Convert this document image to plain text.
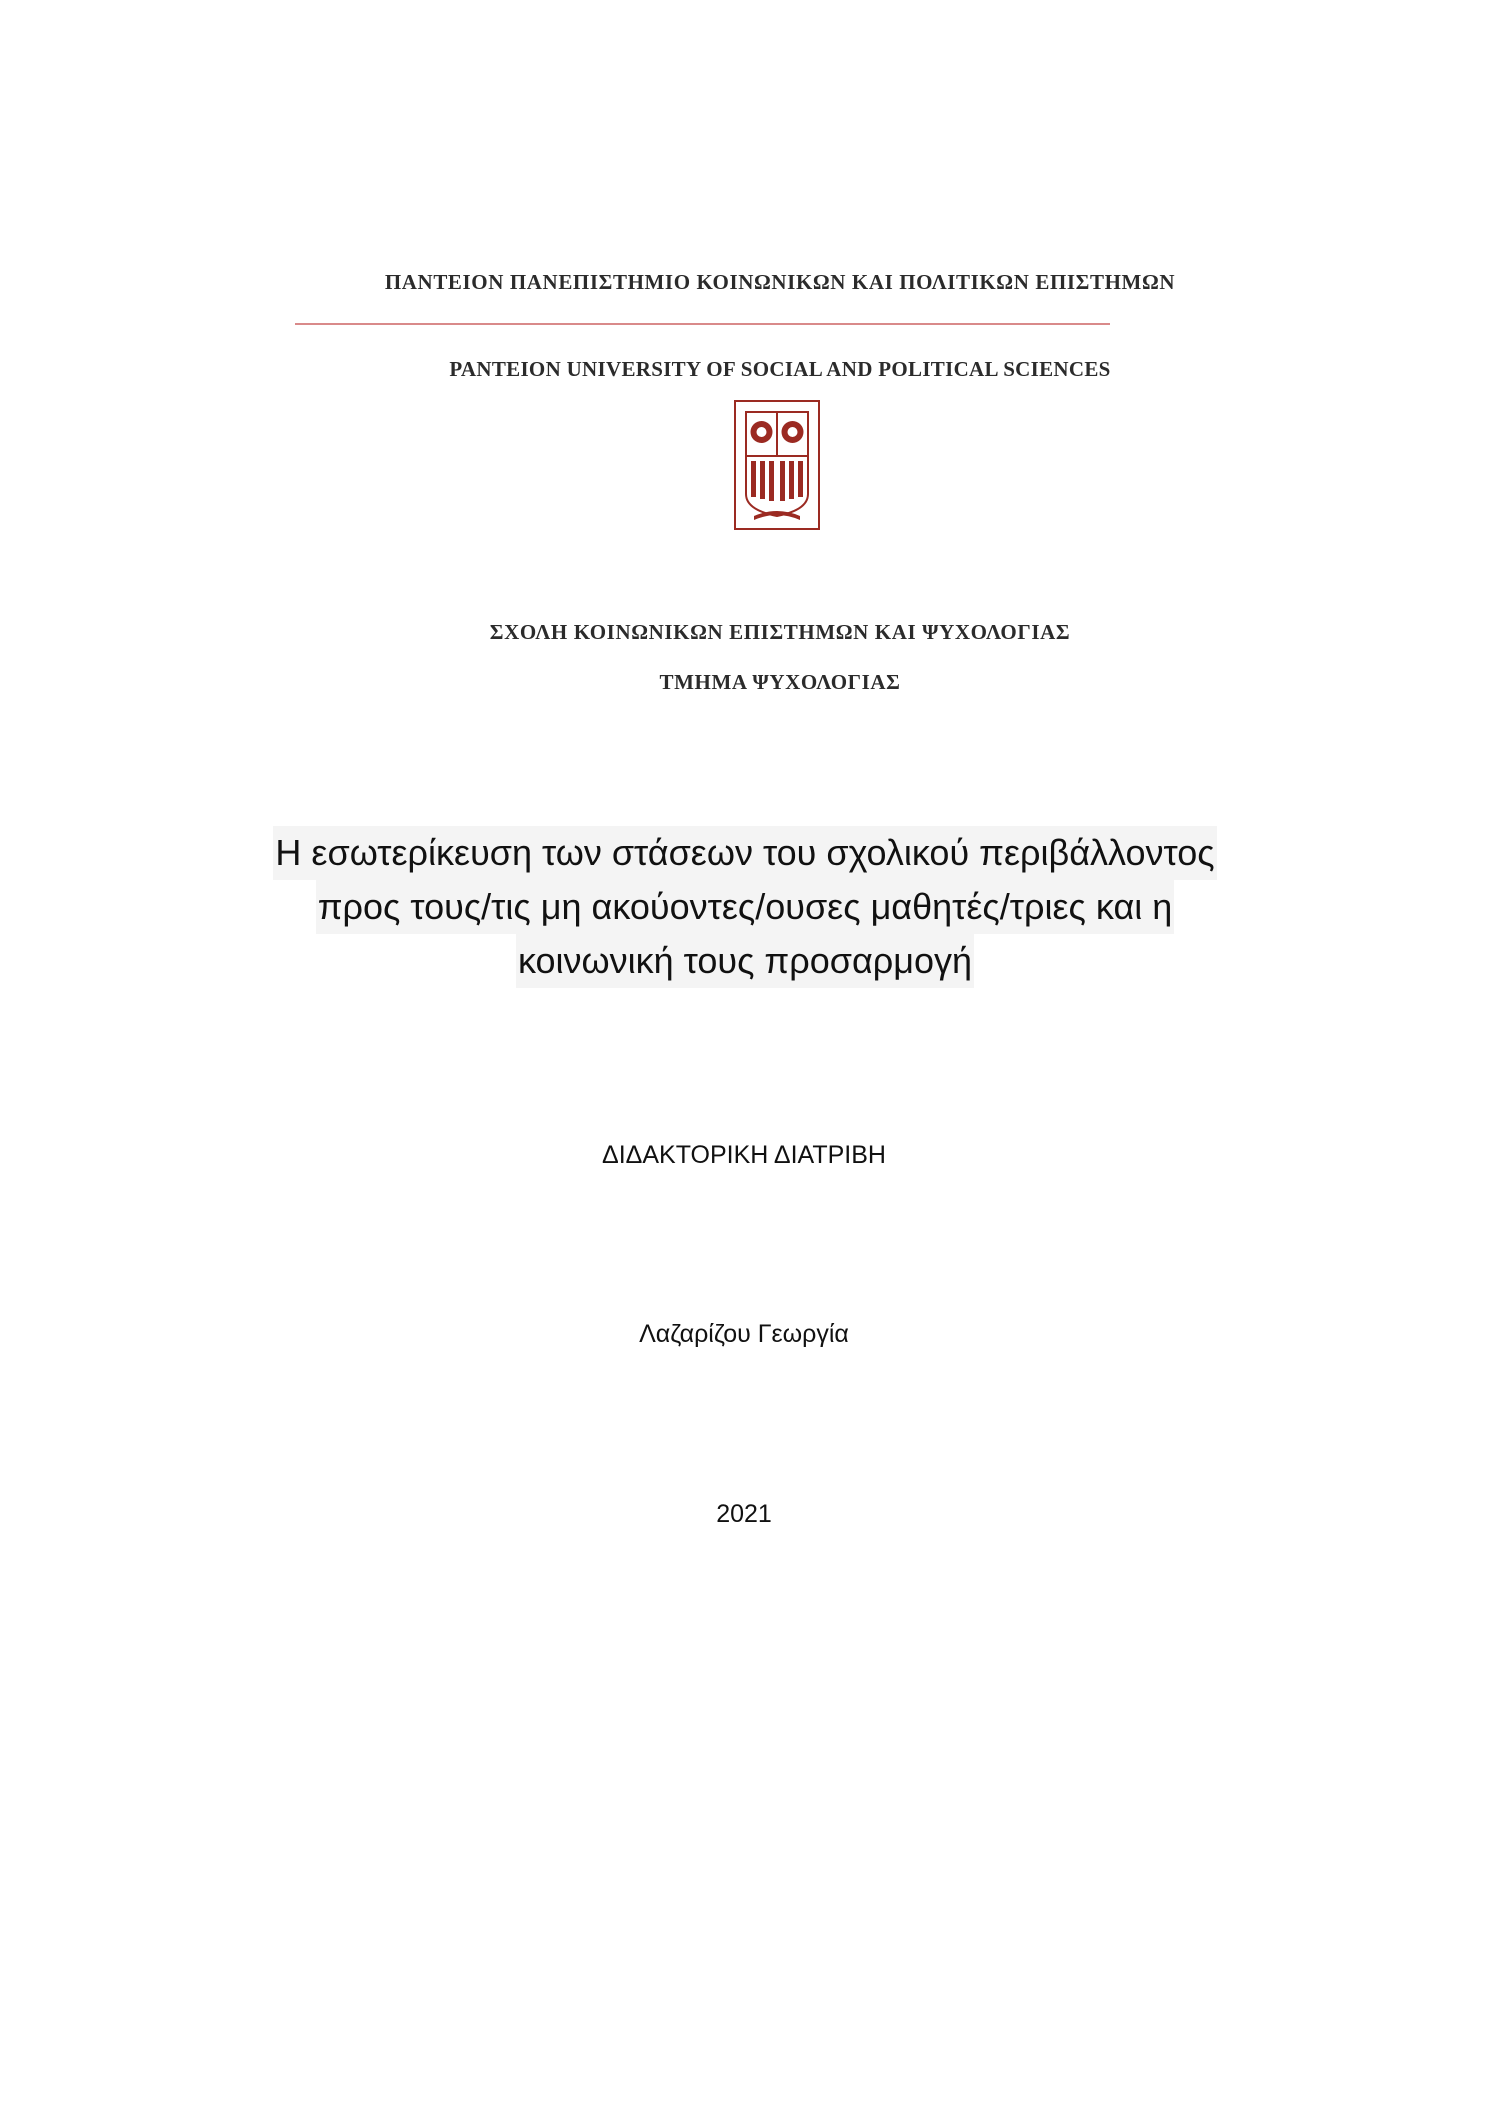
ΠΑΝΤΕΙΟΝ ΠΑΝΕΠΙΣΤΗΜΙΟ ΚΟΙΝΩΝΙΚΩΝ ΚΑΙ ΠΟΛΙΤΙΚΩΝ ΕΠΙΣΤΗΜΩΝ
PANTEION UNIVERSITY OF SOCIAL AND POLITICAL SCIENCES
ΣΧΟΛΗ ΚΟΙΝΩΝΙΚΩΝ ΕΠΙΣΤΗΜΩΝ ΚΑΙ ΨΥΧΟΛΟΓΙΑΣ
ΤΜΗΜΑ ΨΥΧΟΛΟΓΙΑΣ
Η εσωτερίκευση των στάσεων του σχολικού περιβάλλοντος
προς τους/τις μη ακούοντες/ουσες μαθητές/τριες και η
κοινωνική τους προσαρμογή
ΔΙΔΑΚΤΟΡΙΚΗ ΔΙΑΤΡΙΒΗ
Λαζαρίζου Γεωργία
2021
